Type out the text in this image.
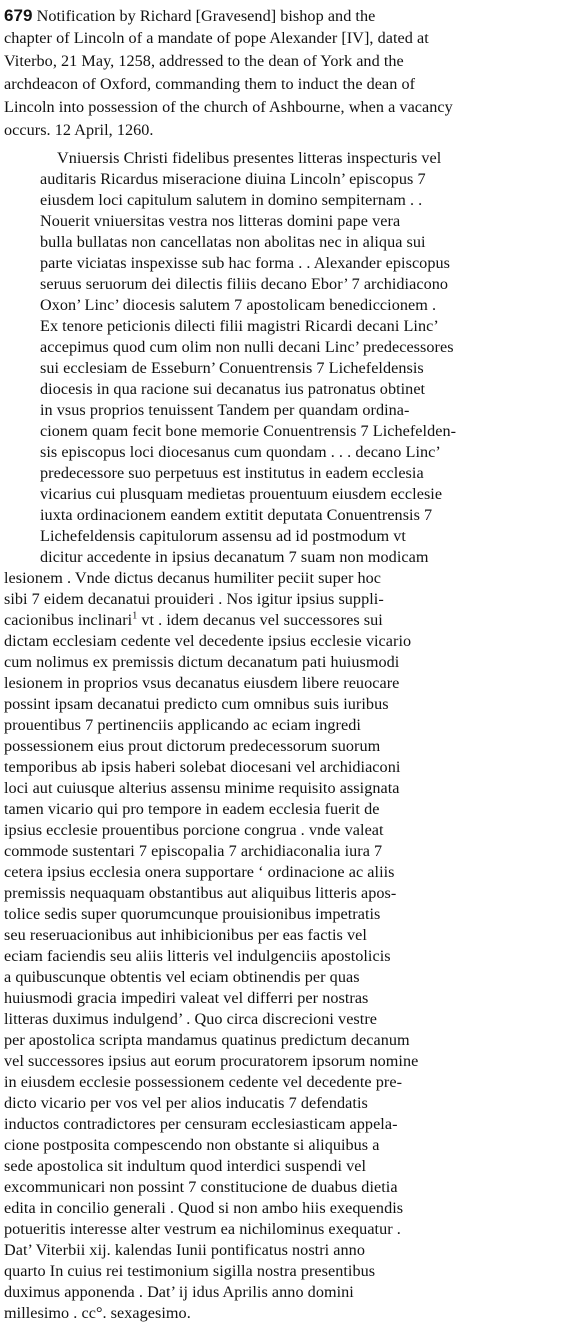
679 Notification by Richard [Gravesend] bishop and the
chapter of Lincoln of a mandate of pope Alexander [IV], dated at
Viterbo, 21 May, 1258, addressed to the dean of York and the
archdeacon of Oxford, commanding them to induct the dean of
Lincoln into possession of the church of Ashbourne, when a vacancy
occurs. 12 April, 1260.
Vniuersis Christi fidelibus presentes litteras inspecturis vel
auditaris Ricardus miseracione diuina Lincoln’ episcopus 7
eiusdem loci capitulum salutem in domino sempiternam . .
Nouerit vniuersitas vestra nos litteras domini pape vera
bulla bullatas non cancellatas non abolitas nec in aliqua sui
parte viciatas inspexisse sub hac forma . . Alexander episcopus
seruus seruorum dei dilectis filiis decano Ebor’ 7 archidiacono
Oxon’ Linc’ diocesis salutem 7 apostolicam benediccionem .
Ex tenore peticionis dilecti filii magistri Ricardi decani Linc’
accepimus quod cum olim non nulli decani Linc’ predecessores
sui ecclesiam de Esseburn’ Conuentrensis 7 Lichefeldensis
diocesis in qua racione sui decanatus ius patronatus obtinet
in vsus proprios tenuissent Tandem per quandam ordina-
cionem quam fecit bone memorie Conuentrensis 7 Lichefelden-
sis episcopus loci diocesanus cum quondam . . . decano Linc’
predecessore suo perpetuus est institutus in eadem ecclesia
vicarius cui plusquam medietas prouentuum eiusdem ecclesie
iuxta ordinacionem eandem extitit deputata Conuentrensis 7
Lichefeldensis capitulorum assensu ad id postmodum vt
dicitur accedente in ipsius decanatum 7 suam non modicam
lesionem . Vnde dictus decanus humiliter peciit super hoc
sibi 7 eidem decanatui prouideri . Nos igitur ipsius suppli-
cacionibus inclinari$^1$ vt . idem decanus vel successores sui
dictam ecclesiam cedente vel decedente ipsius ecclesie vicario
cum nolimus ex premissis dictum decanatum pati huiusmodi
lesionem in proprios vsus decanatus eiusdem libere reuocare
possint ipsam decanatui predicto cum omnibus suis iuribus
prouentibus 7 pertinenciis applicando ac eciam ingredi
possessionem eius prout dictorum predecessorum suorum
temporibus ab ipsis haberi solebat diocesani vel archidiaconi
loci aut cuiusque alterius assensu minime requisito assignata
tamen vicario qui pro tempore in eadem ecclesia fuerit de
ipsius ecclesie prouentibus porcione congrua . vnde valeat
commode sustentari 7 episcopalia 7 archidiaconalia iura 7
cetera ipsius ecclesia onera supportare ‘ ordinacione ac aliis
premissis nequaquam obstantibus aut aliquibus litteris apos-
tolice sedis super quorumcunque prouisionibus impetratis
seu reseruacionibus aut inhibicionibus per eas factis vel
eciam faciendis seu aliis litteris vel indulgenciis apostolicis
a quibuscunque obtentis vel eciam obtinendis per quas
huiusmodi gracia impediri valeat vel differri per nostras
litteras duximus indulgend’ . Quo circa discrecioni vestre
per apostolica scripta mandamus quatinus predictum decanum
vel successores ipsius aut eorum procuratorem ipsorum nomine
in eiusdem ecclesie possessionem cedente vel decedente pre-
dicto vicario per vos vel per alios inducatis 7 defendatis
inductos contradictores per censuram ecclesiasticam appela-
cione postposita compescendo non obstante si aliquibus a
sede apostolica sit indultum quod interdici suspendi vel
excommunicari non possint 7 constitucione de duabus dietia
edita in concilio generali . Quod si non ambo hiis exequendis
potueritis interesse alter vestrum ea nichilominus exequatur .
Dat’ Viterbii xij. kalendas Iunii pontificatus nostri anno
quarto In cuius rei testimonium sigilla nostra presentibus
duximus apponenda . Dat’ ij idus Aprilis anno domini
millesimo . cc°. sexagesimo.
